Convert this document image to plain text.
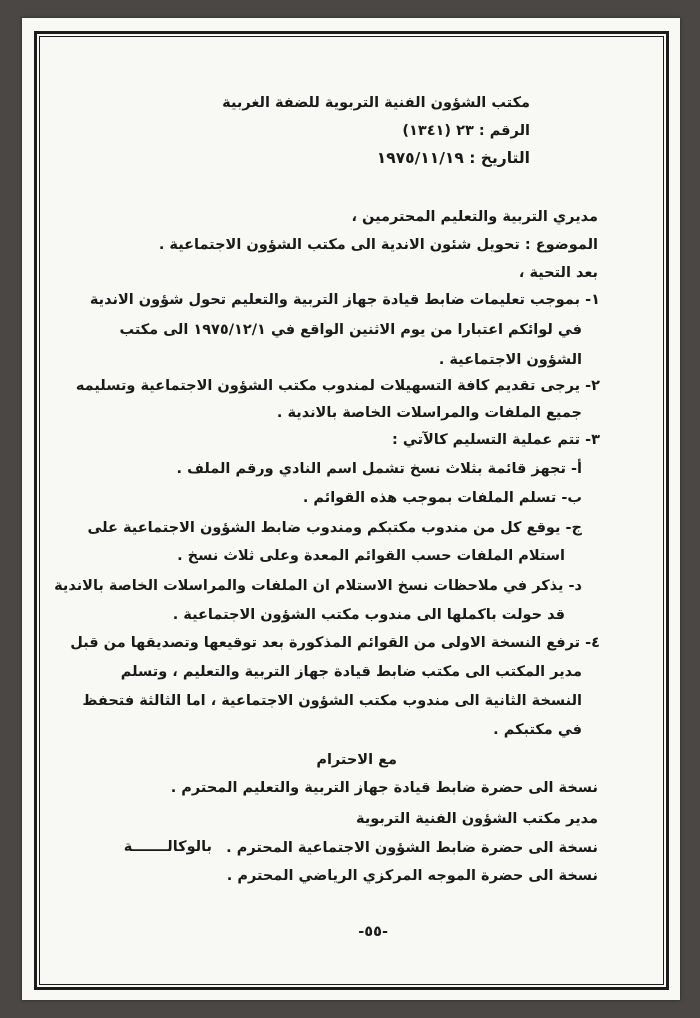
مكتب الشؤون الفنية التربوية للضفة الغربية
الرقم : ٢٣ (١٣٤١)
التاريخ : ١٩٧٥/١١/١٩
مديري التربية والتعليم المحترمين ،
الموضوع : تحويل شئون الاندية الى مكتب الشؤون الاجتماعية .
بعد التحية ،
١- بموجب تعليمات ضابط قيادة جهاز التربية والتعليم تحول شؤون الاندية
في لوائكم اعتبارا من يوم الاثنين الواقع في ١٩٧٥/١٢/١ الى مكتب
الشؤون الاجتماعية .
٢- يرجى تقديم كافة التسهيلات لمندوب مكتب الشؤون الاجتماعية وتسليمه
جميع الملفات والمراسلات الخاصة بالاندية .
٣- تتم عملية التسليم كالآتي :
أ- تجهز قائمة بثلاث نسخ تشمل اسم النادي ورقم الملف .
ب- تسلم الملفات بموجب هذه القوائم .
ج- يوقع كل من مندوب مكتبكم ومندوب ضابط الشؤون الاجتماعية على
استلام الملفات حسب القوائم المعدة وعلى ثلاث نسخ .
د- يذكر في ملاحظات نسخ الاستلام ان الملفات والمراسلات الخاصة بالاندية
قد حولت باكملها الى مندوب مكتب الشؤون الاجتماعية .
٤- ترفع النسخة الاولى من القوائم المذكورة بعد توقيعها وتصديقها من قبل
مدير المكتب الى مكتب ضابط قيادة جهاز التربية والتعليم ، وتسلم
النسخة الثانية الى مندوب مكتب الشؤون الاجتماعية ، اما الثالثة فتحفظ
في مكتبكم .
مع الاحترام
نسخة الى حضرة ضابط قيادة جهاز التربية والتعليم المحترم .
مدير مكتب الشؤون الفنية التربوية
نسخة الى حضرة ضابط الشؤون الاجتماعية المحترم .
بالوكالـــــــة
نسخة الى حضرة الموجه المركزي الرياضي المحترم .
-٥٥-
